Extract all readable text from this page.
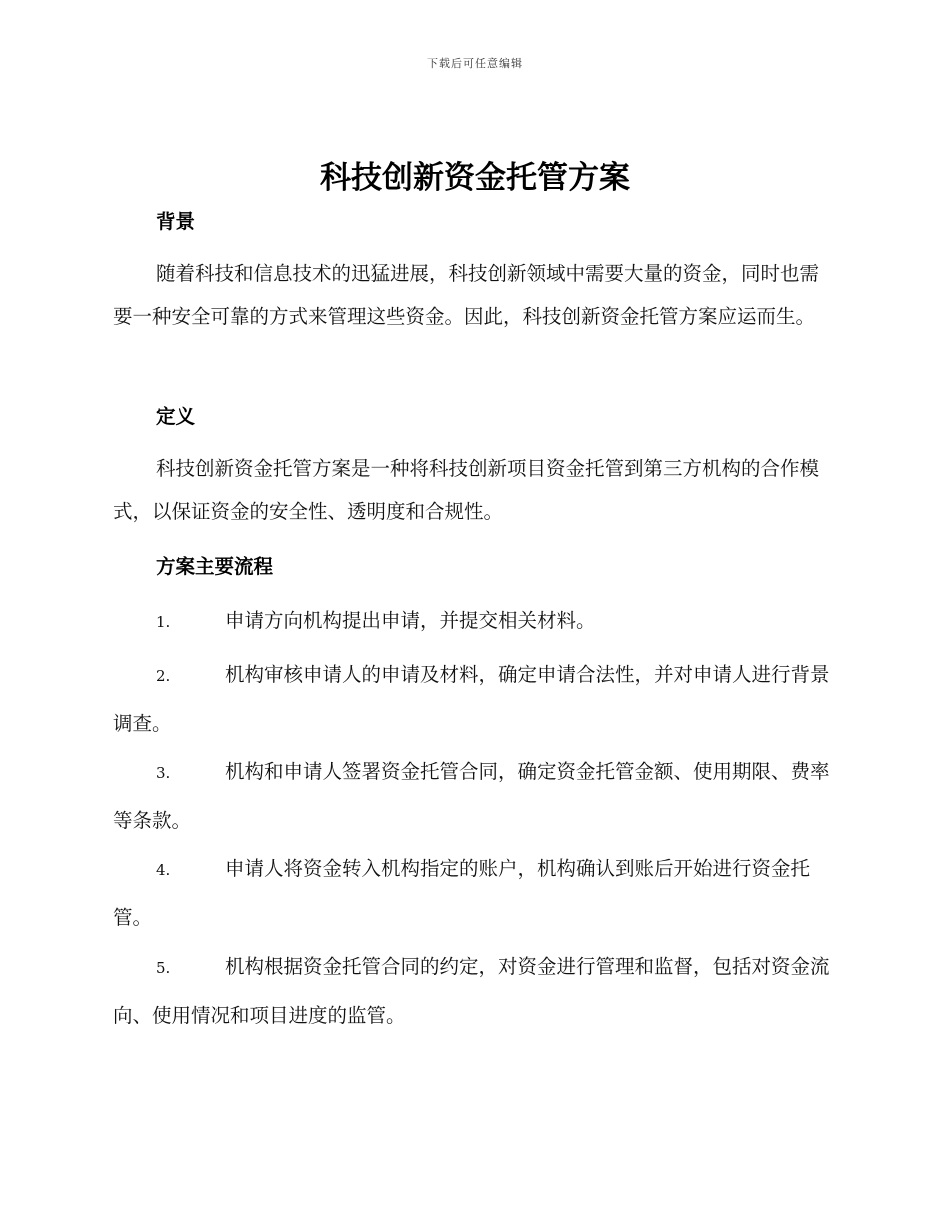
下载后可任意编辑
科技创新资金托管方案
背景

随着科技和信息技术的迅猛进展，科技创新领域中需要大量的资金，同时也需要一种安全可靠的方式来管理这些资金。因此，科技创新资金托管方案应运而生。

定义

科技创新资金托管方案是一种将科技创新项目资金托管到第三方机构的合作模式，以保证资金的安全性、透明度和合规性。

方案主要流程
1.	申请方向机构提出申请，并提交相关材料。
2.	机构审核申请人的申请及材料，确定申请合法性，并对申请人进行背景调查。
3.	机构和申请人签署资金托管合同，确定资金托管金额、使用期限、费率等条款。
4.	申请人将资金转入机构指定的账户，机构确认到账后开始进行资金托管。
5.	机构根据资金托管合同的约定，对资金进行管理和监督，包括对资金流向、使用情况和项目进度的监管。
